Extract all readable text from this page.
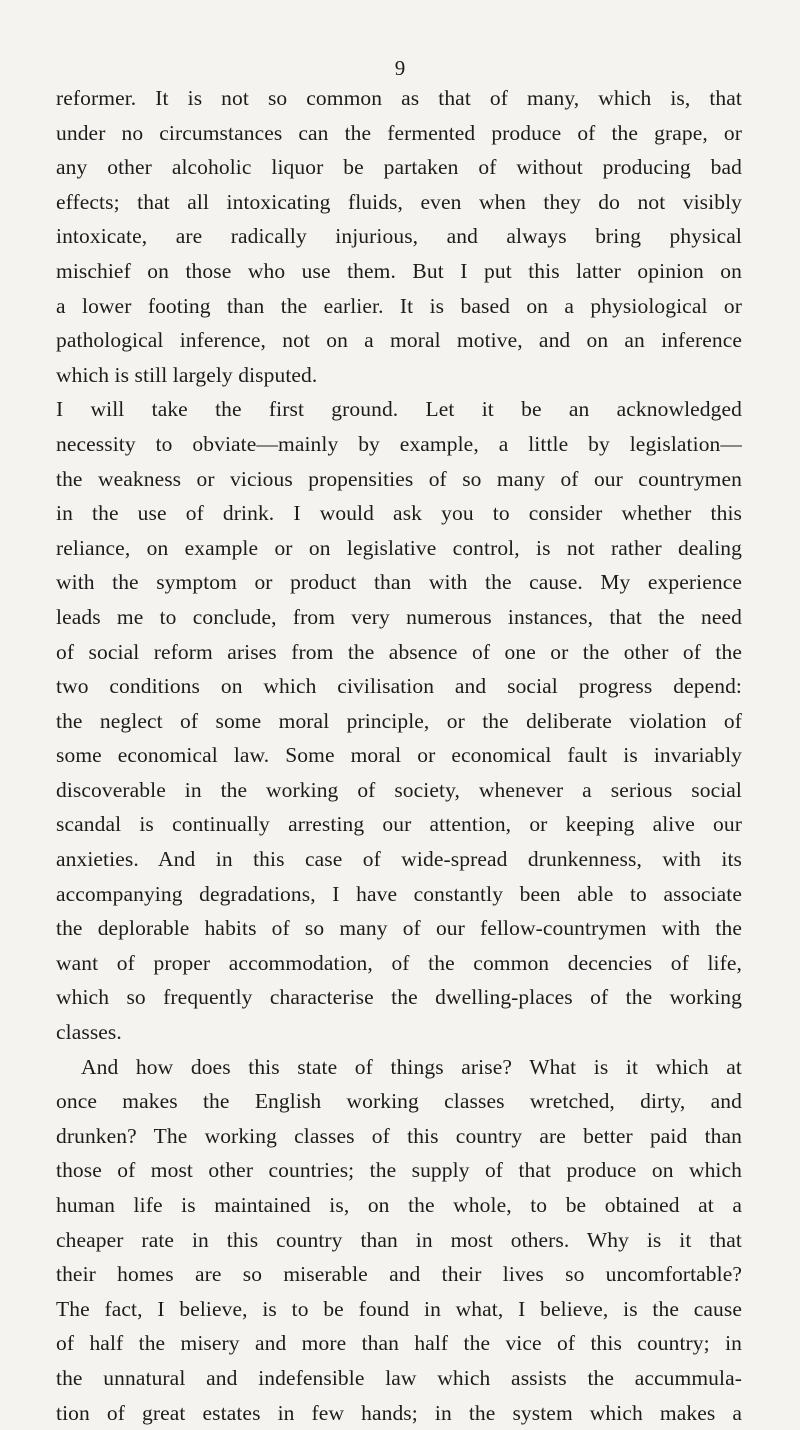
9
reformer. It is not so common as that of many, which is, that
under no circumstances can the fermented produce of the grape, or
any other alcoholic liquor be partaken of without producing bad
effects; that all intoxicating fluids, even when they do not visibly
intoxicate, are radically injurious, and always bring physical
mischief on those who use them. But I put this latter opinion on
a lower footing than the earlier. It is based on a physiological or
pathological inference, not on a moral motive, and on an inference
which is still largely disputed.
I will take the first ground. Let it be an acknowledged
necessity to obviate—mainly by example, a little by legislation—
the weakness or vicious propensities of so many of our countrymen
in the use of drink. I would ask you to consider whether this
reliance, on example or on legislative control, is not rather dealing
with the symptom or product than with the cause. My experience
leads me to conclude, from very numerous instances, that the need
of social reform arises from the absence of one or the other of the
two conditions on which civilisation and social progress depend:
the neglect of some moral principle, or the deliberate violation of
some economical law. Some moral or economical fault is invariably
discoverable in the working of society, whenever a serious social
scandal is continually arresting our attention, or keeping alive our
anxieties. And in this case of wide-spread drunkenness, with its
accompanying degradations, I have constantly been able to associate
the deplorable habits of so many of our fellow-countrymen with the
want of proper accommodation, of the common decencies of life,
which so frequently characterise the dwelling-places of the working
classes.
And how does this state of things arise? What is it which at
once makes the English working classes wretched, dirty, and
drunken? The working classes of this country are better paid than
those of most other countries; the supply of that produce on which
human life is maintained is, on the whole, to be obtained at a
cheaper rate in this country than in most others. Why is it that
their homes are so miserable and their lives so uncomfortable?
The fact, I believe, is to be found in what, I believe, is the cause
of half the misery and more than half the vice of this country; in
the unnatural and indefensible law which assists the accummula-
tion of great estates in few hands; in the system which makes a
